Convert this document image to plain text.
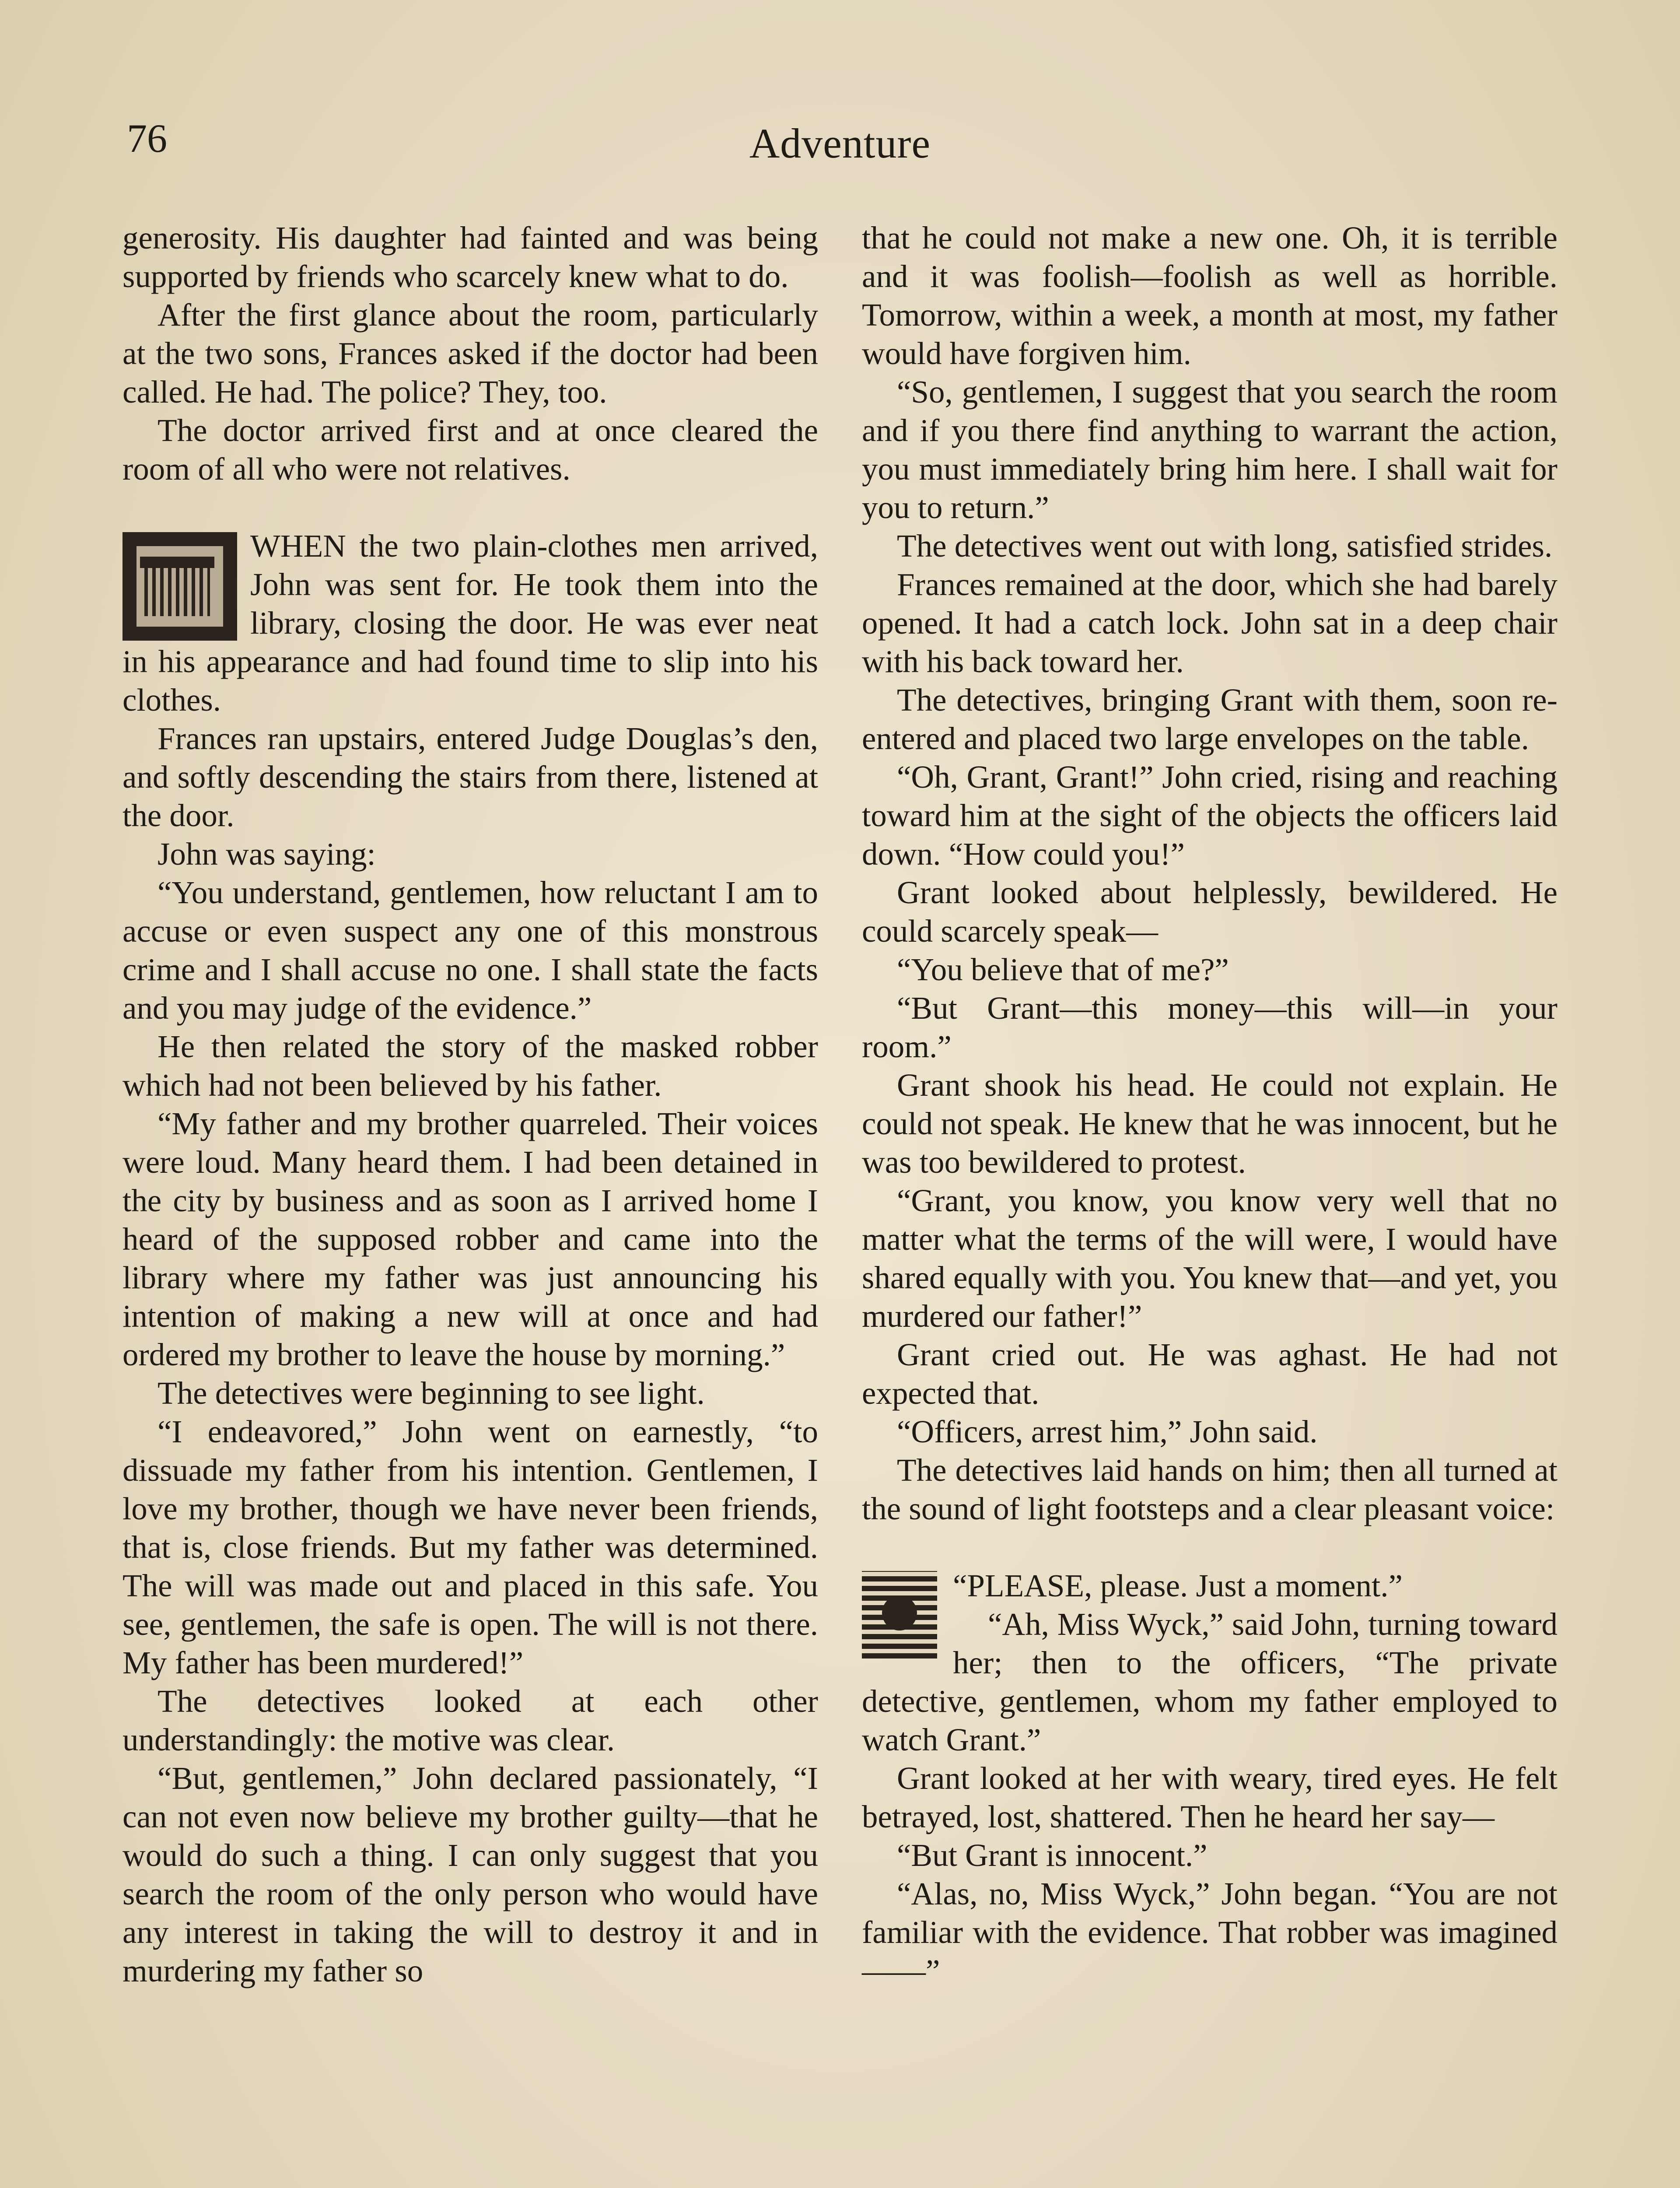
76	Adventure

generosity. His daughter had fainted and was being supported by friends who scarcely knew what to do.

After the first glance about the room, particularly at the two sons, Frances asked if the doctor had been called. He had. The police? They, too.

The doctor arrived first and at once cleared the room of all who were not relatives.

WHEN the two plain-clothes men arrived, John was sent for. He took them into the library, closing the door. He was ever neat in his appearance and had found time to slip into his clothes.

Frances ran upstairs, entered Judge Douglas’s den, and softly descending the stairs from there, listened at the door.

John was saying:

“You understand, gentlemen, how reluctant I am to accuse or even suspect any one of this monstrous crime and I shall accuse no one. I shall state the facts and you may judge of the evidence.”

He then related the story of the masked robber which had not been believed by his father.

“My father and my brother quarreled. Their voices were loud. Many heard them. I had been detained in the city by business and as soon as I arrived home I heard of the supposed robber and came into the library where my father was just announcing his intention of making a new will at once and had ordered my brother to leave the house by morning.”

The detectives were beginning to see light.

“I endeavored,” John went on earnestly, “to dissuade my father from his intention. Gentlemen, I love my brother, though we have never been friends, that is, close friends. But my father was determined. The will was made out and placed in this safe. You see, gentlemen, the safe is open. The will is not there. My father has been murdered!”

The detectives looked at each other understandingly: the motive was clear.

“But, gentlemen,” John declared passionately, “I can not even now believe my brother guilty—that he would do such a thing. I can only suggest that you search the room of the only person who would have any interest in taking the will to destroy it and in murdering my father so

that he could not make a new one. Oh, it is terrible and it was foolish—foolish as well as horrible. Tomorrow, within a week, a month at most, my father would have forgiven him.

“So, gentlemen, I suggest that you search the room and if you there find anything to warrant the action, you must immediately bring him here. I shall wait for you to return.”

The detectives went out with long, satisfied strides.

Frances remained at the door, which she had barely opened. It had a catch lock. John sat in a deep chair with his back toward her.

The detectives, bringing Grant with them, soon re-entered and placed two large envelopes on the table.

“Oh, Grant, Grant!” John cried, rising and reaching toward him at the sight of the objects the officers laid down. “How could you!”

Grant looked about helplessly, bewildered. He could scarcely speak—

“You believe that of me?”

“But Grant—this money—this will—in your room.”

Grant shook his head. He could not explain. He could not speak. He knew that he was innocent, but he was too bewildered to protest.

“Grant, you know, you know very well that no matter what the terms of the will were, I would have shared equally with you. You knew that—and yet, you murdered our father!”

Grant cried out. He was aghast. He had not expected that.

“Officers, arrest him,” John said.

The detectives laid hands on him; then all turned at the sound of light footsteps and a clear pleasant voice:

“PLEASE, please. Just a moment.”

“Ah, Miss Wyck,” said John, turning toward her; then to the officers, “The private detective, gentlemen, whom my father employed to watch Grant.”

Grant looked at her with weary, tired eyes. He felt betrayed, lost, shattered. Then he heard her say—

“But Grant is innocent.”

“Alas, no, Miss Wyck,” John began. “You are not familiar with the evidence. That robber was imagined——”
